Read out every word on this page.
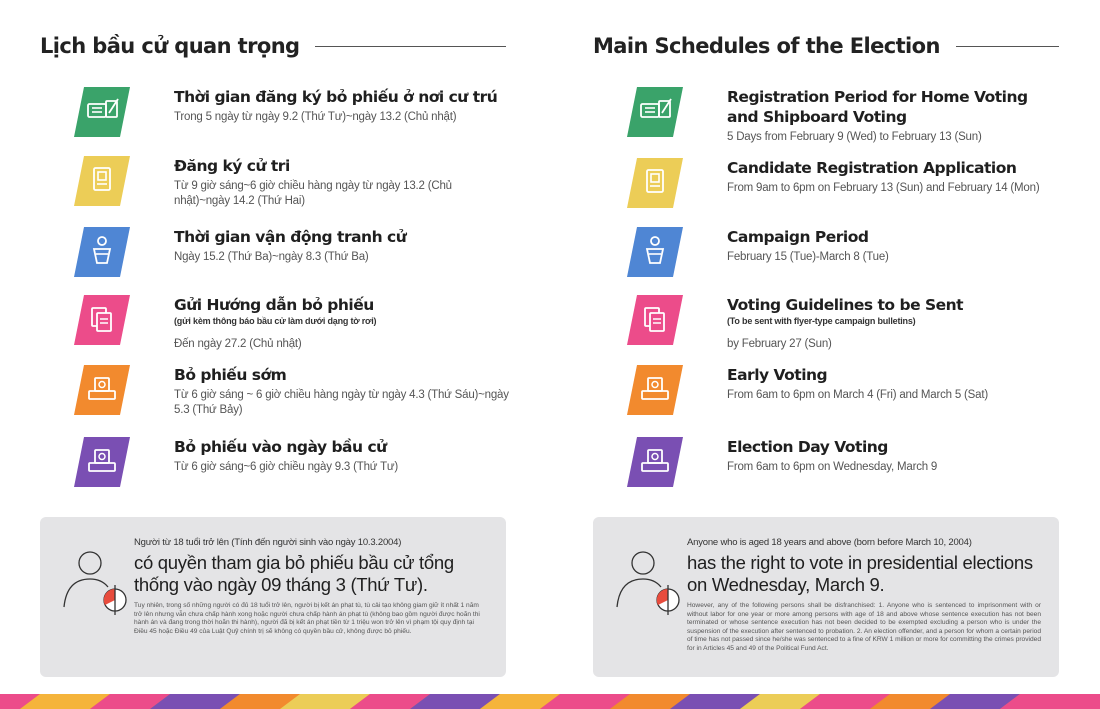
Lịch bầu cử quan trọng
Thời gian đăng ký bỏ phiếu ở nơi cư trú
Trong 5 ngày từ ngày 9.2 (Thứ Tư)~ngày 13.2 (Chủ nhật)
Đăng ký cử tri
Từ 9 giờ sáng~6 giờ chiều hàng ngày từ ngày 13.2 (Chủ nhật)~ngày 14.2 (Thứ Hai)
Thời gian vận động tranh cử
Ngày 15.2 (Thứ Ba)~ngày 8.3 (Thứ Ba)
Gửi Hướng dẫn bỏ phiếu
(gửi kèm thông báo bầu cử làm dưới dạng tờ rơi)
Đến ngày 27.2 (Chủ nhật)
Bỏ phiếu sớm
Từ 6 giờ sáng ~ 6 giờ chiều hàng ngày từ ngày 4.3 (Thứ Sáu)~ngày 5.3 (Thứ Bảy)
Bỏ phiếu vào ngày bầu cử
Từ 6 giờ sáng~6 giờ chiều ngày 9.3 (Thứ Tư)
Người từ 18 tuổi trở lên (Tính đến người sinh vào ngày 10.3.2004)
có quyền tham gia bỏ phiếu bầu cử tổng thống vào ngày 09 tháng 3 (Thứ Tư).
Tuy nhiên, trong số những người có đủ 18 tuổi trở lên, người bị kết án phạt tù, tù cải tạo không giam giữ ít nhất 1 năm trở lên nhưng vẫn chưa chấp hành xong hoặc người chưa chấp hành án phạt tù (không bao gồm người được hoãn thi hành án và đang trong thời hoãn thi hành), người đã bị kết án phạt tiền từ 1 triệu won trở lên vì phạm tội quy định tại Điều 45 hoặc Điều 49 của Luật Quỹ chính trị sẽ không có quyền bầu cử, không được bỏ phiếu.
Main Schedules of the Election
Registration Period for Home Voting and Shipboard Voting
5 Days from February 9 (Wed) to February 13 (Sun)
Candidate Registration Application
From 9am to 6pm on February 13 (Sun) and February 14 (Mon)
Campaign Period
February 15 (Tue)-March 8 (Tue)
Voting Guidelines to be Sent
(To be sent with flyer-type campaign bulletins)
by February 27 (Sun)
Early Voting
From 6am to 6pm on March 4 (Fri) and March 5 (Sat)
Election Day Voting
From 6am to 6pm on Wednesday, March 9
Anyone who is aged 18 years and above (born before March 10, 2004)
has the right to vote in presidential elections on Wednesday, March 9.
However, any of the following persons shall be disfranchised: 1. Anyone who is sentenced to imprisonment with or without labor for one year or more among persons with age of 18 and above whose sentence execution has not been terminated or whose sentence execution has not been decided to be exempted excluding a person who is under the suspension of the execution after sentenced to probation. 2. An election offender, and a person for whom a certain period of time has not passed since he/she was sentenced to a fine of KRW 1 million or more for committing the crimes provided for in Articles 45 and 49 of the Political Fund Act.
